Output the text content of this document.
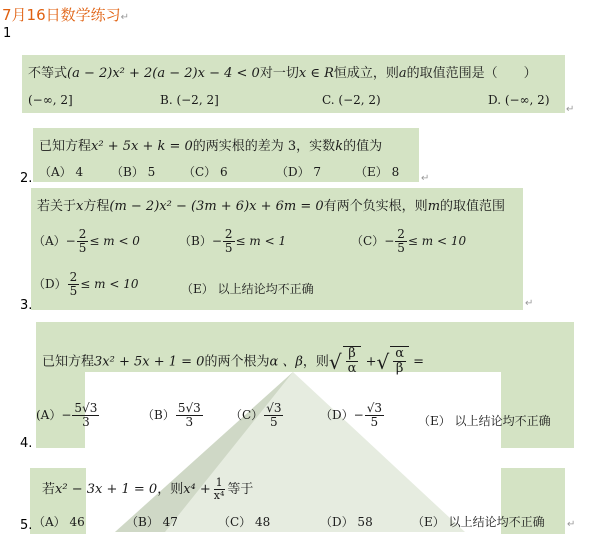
7月16日数学练习↵
1
不等式(a − 2)x² + 2(a − 2)x − 4 < 0对一切x ∈ R恒成立，则a的取值范围是（　　）
(−∞, 2]	B. (−2, 2]	C. (−2, 2)	D. (−∞, 2)
↵
已知方程x² + 5x + k = 0的两实根的差为 3，实数k的值为
（A） 4 （B） 5 （C） 6	（D） 7	（E） 8
2.	↵
若关于x方程(m − 2)x² − (3m + 6)x + 6m = 0有两个负实根，则m的取值范围
$(A)- \frac{2}{5} \le m < 0$	$(B)- \frac{2}{5} \le m < 1$	$(C)- \frac{2}{5} \le m < 10$
$(D) \frac{2}{5} \le m < 10$	（E） 以上结论均不正确
3.	↵
已知方程3x² + 5x + 1 = 0的两个根为α 、β，则√ $\frac{\beta}{\alpha}$ +√ $\frac{\alpha}{\beta}$ =
$(A)- \frac{5√3}{3}$	$(B) \frac{5√3}{3} (C) \frac{√3}{5}$	$(D)- \frac{√3}{5}$	（E） 以上结论均不正确
4.
若x² − 3x + 1 = 0，则$x^4 + \frac{1}{\text{x⁴}}$ 等于
（A） 46	（B） 47	（C） 48	（D） 58	（E） 以上结论均不正确
5.	↵
